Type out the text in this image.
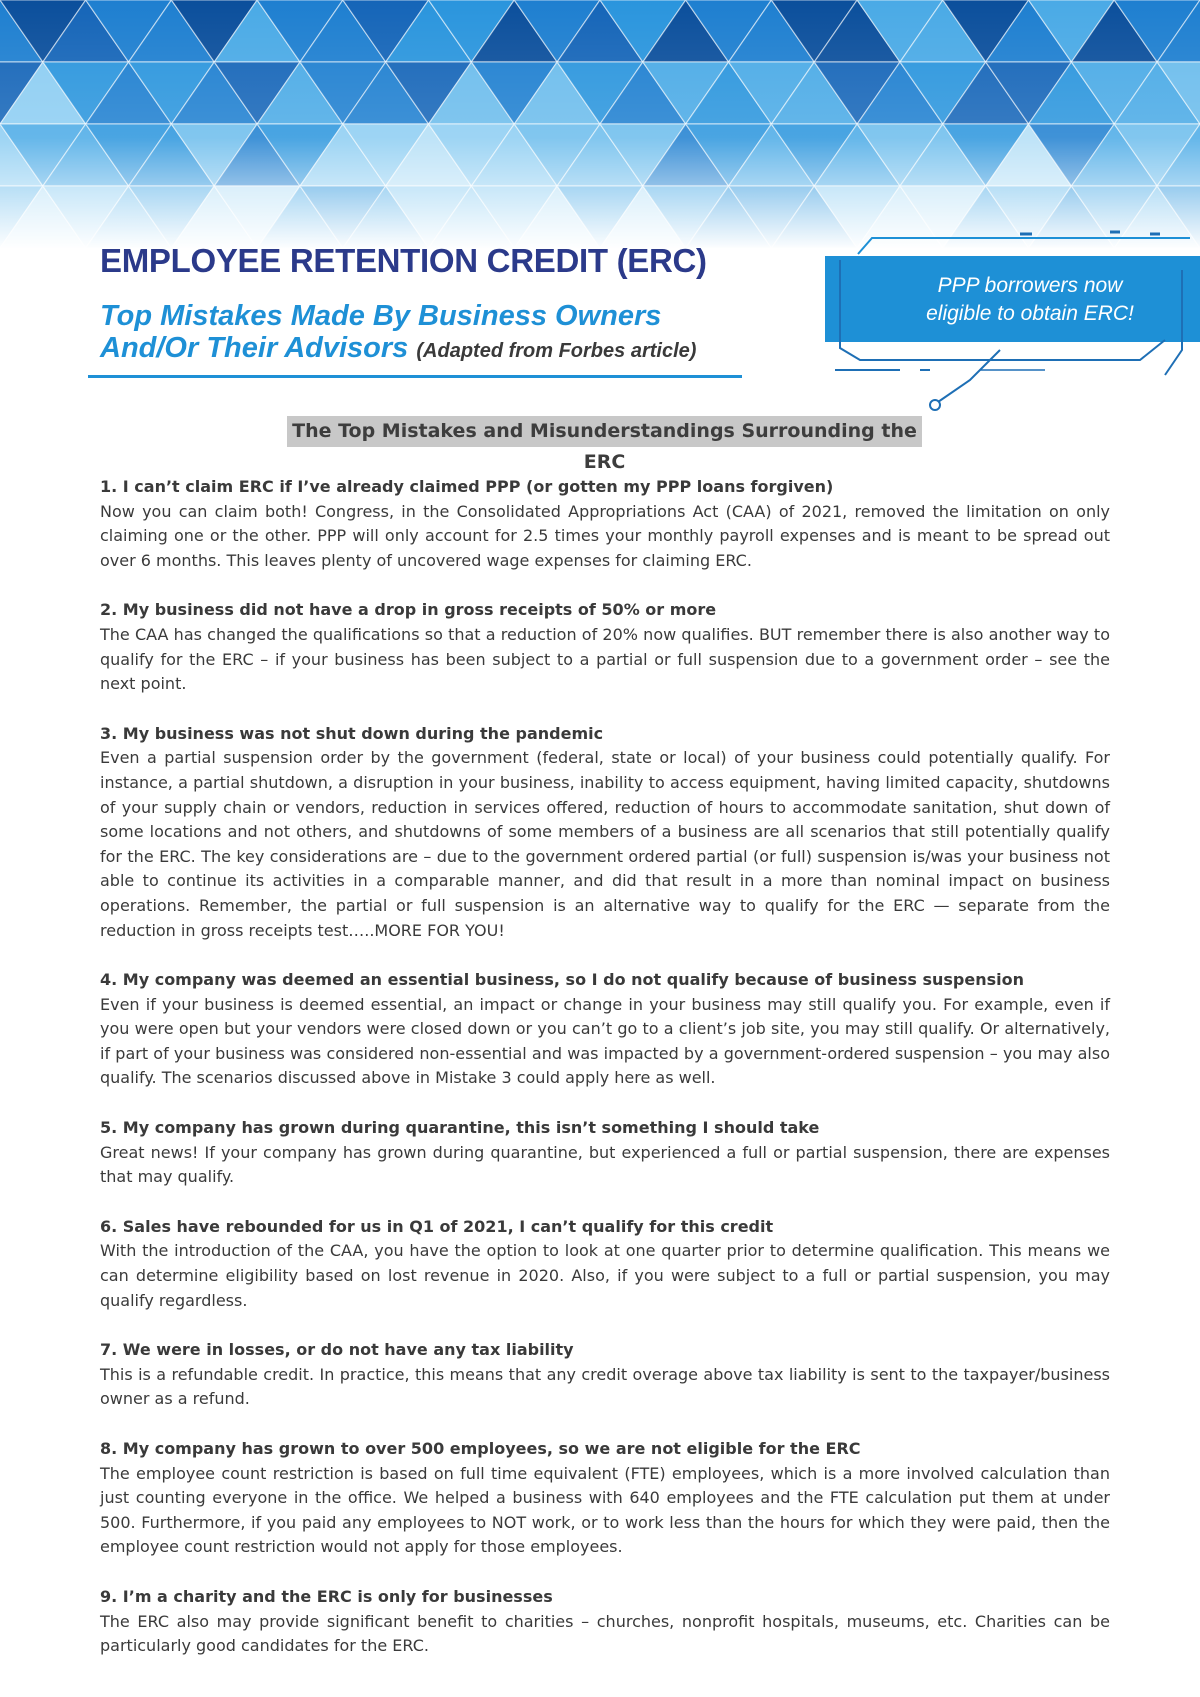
EMPLOYEE RETENTION CREDIT (ERC)
Top Mistakes Made By Business Owners
And/Or Their Advisors (Adapted from Forbes article)
PPP borrowers now
eligible to obtain ERC!
The Top Mistakes and Misunderstandings Surrounding the ERC
1. I can’t claim ERC if I’ve already claimed PPP (or gotten my PPP loans forgiven)
Now you can claim both! Congress, in the Consolidated Appropriations Act (CAA) of 2021, removed the limitation on only claiming one or the other. PPP will only account for 2.5 times your monthly payroll expenses and is meant to be spread out over 6 months. This leaves plenty of uncovered wage expenses for claiming ERC.
2. My business did not have a drop in gross receipts of 50% or more
The CAA has changed the qualifications so that a reduction of 20% now qualifies. BUT remember there is also another way to qualify for the ERC – if your business has been subject to a partial or full suspension due to a government order – see the next point.
3. My business was not shut down during the pandemic
Even a partial suspension order by the government (federal, state or local) of your business could potentially qualify. For instance, a partial shutdown, a disruption in your business, inability to access equipment, having limited capacity, shutdowns of your supply chain or vendors, reduction in services offered, reduction of hours to accommodate sanitation, shut down of some locations and not others, and shutdowns of some members of a business are all scenarios that still potentially qualify for the ERC. The key considerations are – due to the government ordered partial (or full) suspension is/was your business not able to continue its activities in a comparable manner, and did that result in a more than nominal impact on business operations. Remember, the partial or full suspension is an alternative way to qualify for the ERC — separate from the reduction in gross receipts test…..MORE FOR YOU!
4. My company was deemed an essential business, so I do not qualify because of business suspension
Even if your business is deemed essential, an impact or change in your business may still qualify you. For example, even if you were open but your vendors were closed down or you can’t go to a client’s job site, you may still qualify. Or alternatively, if part of your business was considered non-essential and was impacted by a government-ordered suspension – you may also qualify. The scenarios discussed above in Mistake 3 could apply here as well.
5. My company has grown during quarantine, this isn’t something I should take
Great news! If your company has grown during quarantine, but experienced a full or partial suspension, there are expenses that may qualify.
6. Sales have rebounded for us in Q1 of 2021, I can’t qualify for this credit
With the introduction of the CAA, you have the option to look at one quarter prior to determine qualification. This means we can determine eligibility based on lost revenue in 2020. Also, if you were subject to a full or partial suspension, you may qualify regardless.
7. We were in losses, or do not have any tax liability
This is a refundable credit. In practice, this means that any credit overage above tax liability is sent to the taxpayer/business owner as a refund.
8. My company has grown to over 500 employees, so we are not eligible for the ERC
The employee count restriction is based on full time equivalent (FTE) employees, which is a more involved calculation than just counting everyone in the office. We helped a business with 640 employees and the FTE calculation put them at under 500. Furthermore, if you paid any employees to NOT work, or to work less than the hours for which they were paid, then the employee count restriction would not apply for those employees.
9. I’m a charity and the ERC is only for businesses
The ERC also may provide significant benefit to charities – churches, nonprofit hospitals, museums, etc. Charities can be particularly good candidates for the ERC.
